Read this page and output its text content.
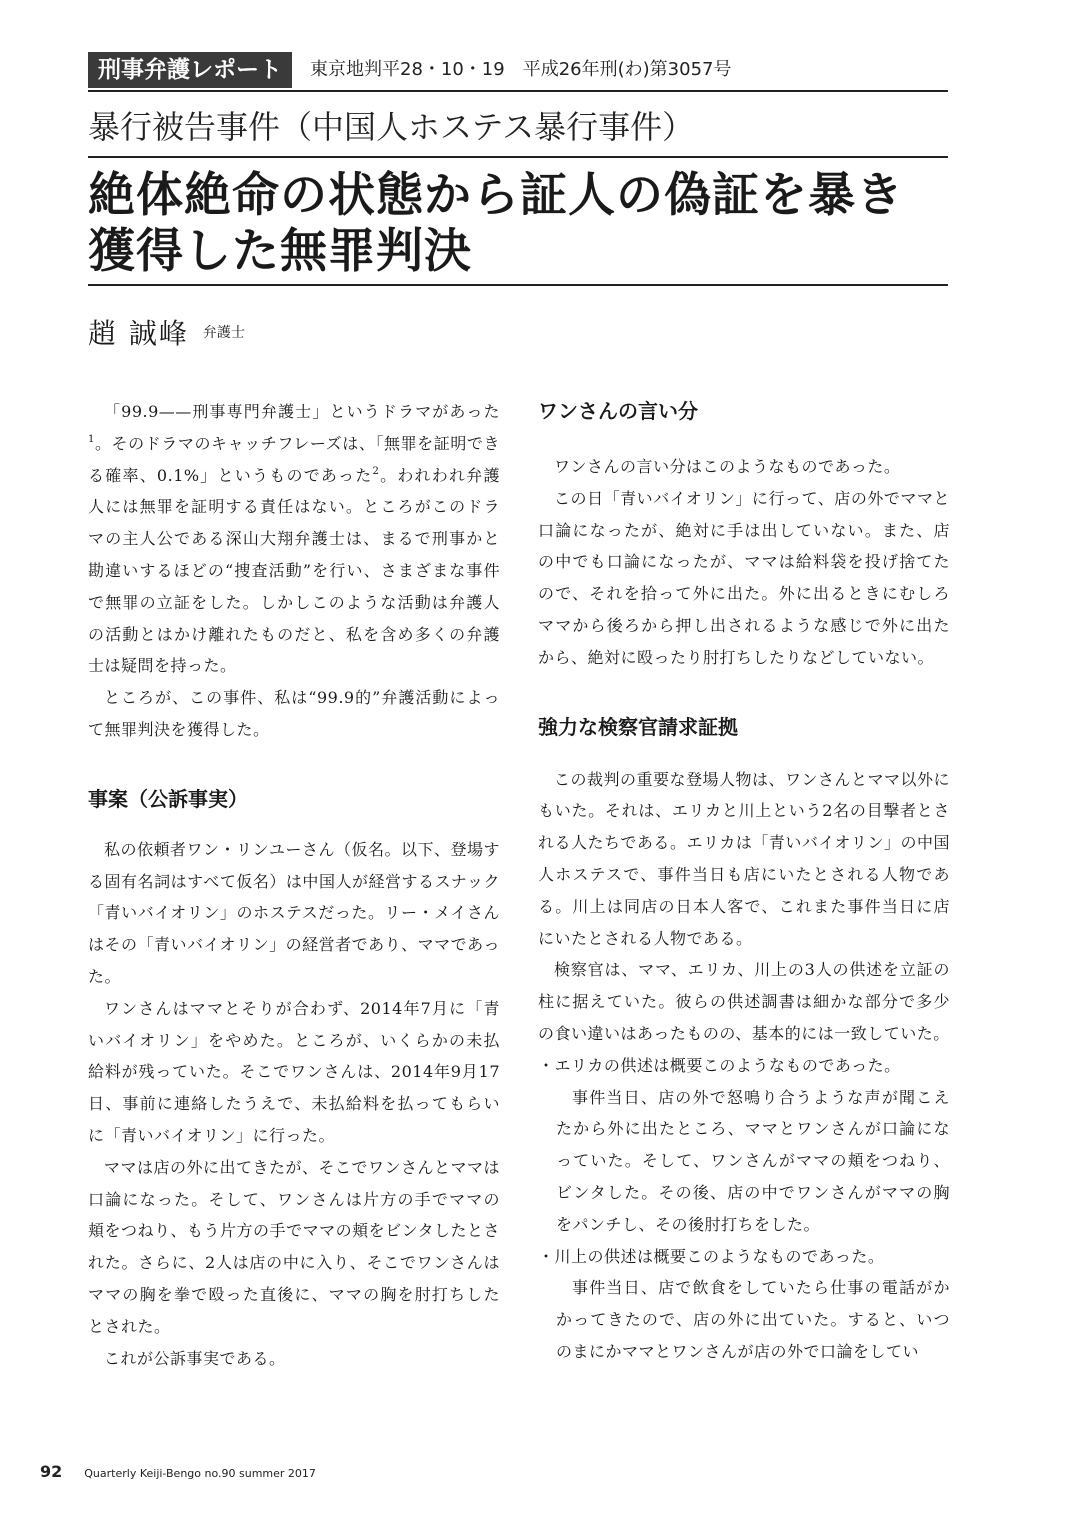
刑事弁護レポート	東京地判平28・10・19　平成26年刑(わ)第3057号
暴行被告事件（中国人ホステス暴行事件）
絶体絶命の状態から証人の偽証を暴き
獲得した無罪判決
趙 誠峰 弁護士

「99.9——刑事専門弁護士」というドラマがあった$^1$。そのドラマのキャッチフレーズは、「無罪を証明できる確率、0.1%」というものであった$^2$。われわれ弁護人には無罪を証明する責任はない。ところがこのドラマの主人公である深山大翔弁護士は、まるで刑事かと勘違いするほどの“捜査活動”を行い、さまざまな事件で無罪の立証をした。しかしこのような活動は弁護人の活動とはかけ離れたものだと、私を含め多くの弁護士は疑問を持った。

ところが、この事件、私は“99.9的”弁護活動によって無罪判決を獲得した。

事案（公訴事実）

私の依頼者ワン・リンユーさん（仮名。以下、登場する固有名詞はすべて仮名）は中国人が経営するスナック「青いバイオリン」のホステスだった。リー・メイさんはその「青いバイオリン」の経営者であり、ママであった。

ワンさんはママとそりが合わず、2014年7月に「青いバイオリン」をやめた。ところが、いくらかの未払給料が残っていた。そこでワンさんは、2014年9月17日、事前に連絡したうえで、未払給料を払ってもらいに「青いバイオリン」に行った。

ママは店の外に出てきたが、そこでワンさんとママは口論になった。そして、ワンさんは片方の手でママの頬をつねり、もう片方の手でママの頬をビンタしたとされた。さらに、2人は店の中に入り、そこでワンさんはママの胸を拳で殴った直後に、ママの胸を肘打ちしたとされた。

これが公訴事実である。

ワンさんの言い分

ワンさんの言い分はこのようなものであった。

この日「青いバイオリン」に行って、店の外でママと口論になったが、絶対に手は出していない。また、店の中でも口論になったが、ママは給料袋を投げ捨てたので、それを拾って外に出た。外に出るときにむしろママから後ろから押し出されるような感じで外に出たから、絶対に殴ったり肘打ちしたりなどしていない。

強力な検察官請求証拠

この裁判の重要な登場人物は、ワンさんとママ以外にもいた。それは、エリカと川上という2名の目撃者とされる人たちである。エリカは「青いバイオリン」の中国人ホステスで、事件当日も店にいたとされる人物である。川上は同店の日本人客で、これまた事件当日に店にいたとされる人物である。

検察官は、ママ、エリカ、川上の3人の供述を立証の柱に据えていた。彼らの供述調書は細かな部分で多少の食い違いはあったものの、基本的には一致していた。

・エリカの供述は概要このようなものであった。

事件当日、店の外で怒鳴り合うような声が聞こえたから外に出たところ、ママとワンさんが口論になっていた。そして、ワンさんがママの頬をつねり、ビンタした。その後、店の中でワンさんがママの胸をパンチし、その後肘打ちをした。

・川上の供述は概要このようなものであった。

事件当日、店で飲食をしていたら仕事の電話がかかってきたので、店の外に出ていた。すると、いつのまにかママとワンさんが店の外で口論をしてい

92 Quarterly Keiji-Bengo no.90 summer 2017
